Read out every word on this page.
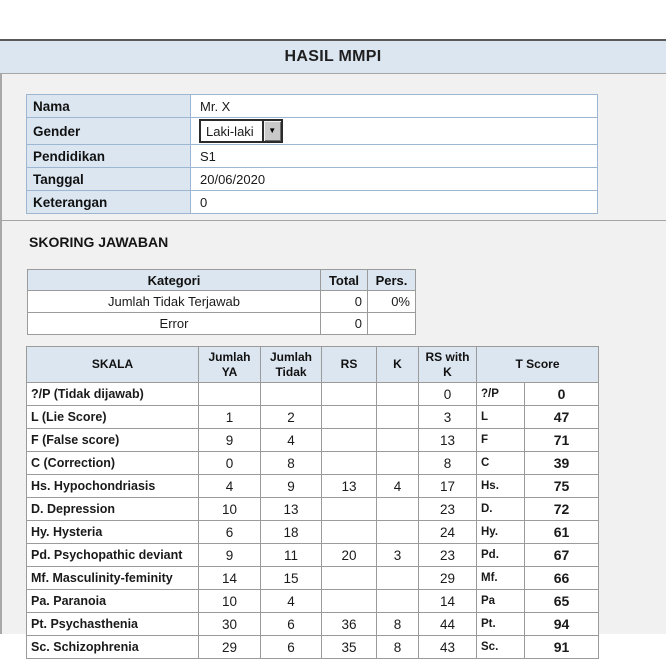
HASIL MMPI
Nama	Mr. X
Gender	Laki-laki ▼

Pendidikan	S1
Tanggal	20/06/2020
Keterangan	0
SKORING JAWABAN
Kategori	Total	Pers.
Jumlah Tidak Terjawab	0	0%
Error	0	
SKALA	Jumlah YA	Jumlah Tidak	RS	K	RS with K	T Score	
?/P (Tidak dijawab)					0	?/P	0
L (Lie Score)	1	2			3	L	47
F (False score)	9	4			13	F	71
C (Correction)	0	8			8	C	39
Hs. Hypochondriasis	4	9	13	4	17	Hs.	75
D. Depression	10	13			23	D.	72
Hy. Hysteria	6	18			24	Hy.	61
Pd. Psychopathic deviant	9	11	20	3	23	Pd.	67
Mf. Masculinity-feminity	14	15			29	Mf.	66
Pa. Paranoia	10	4			14	Pa	65
Pt. Psychasthenia	30	6	36	8	44	Pt.	94
Sc. Schizophrenia	29	6	35	8	43	Sc.	91
